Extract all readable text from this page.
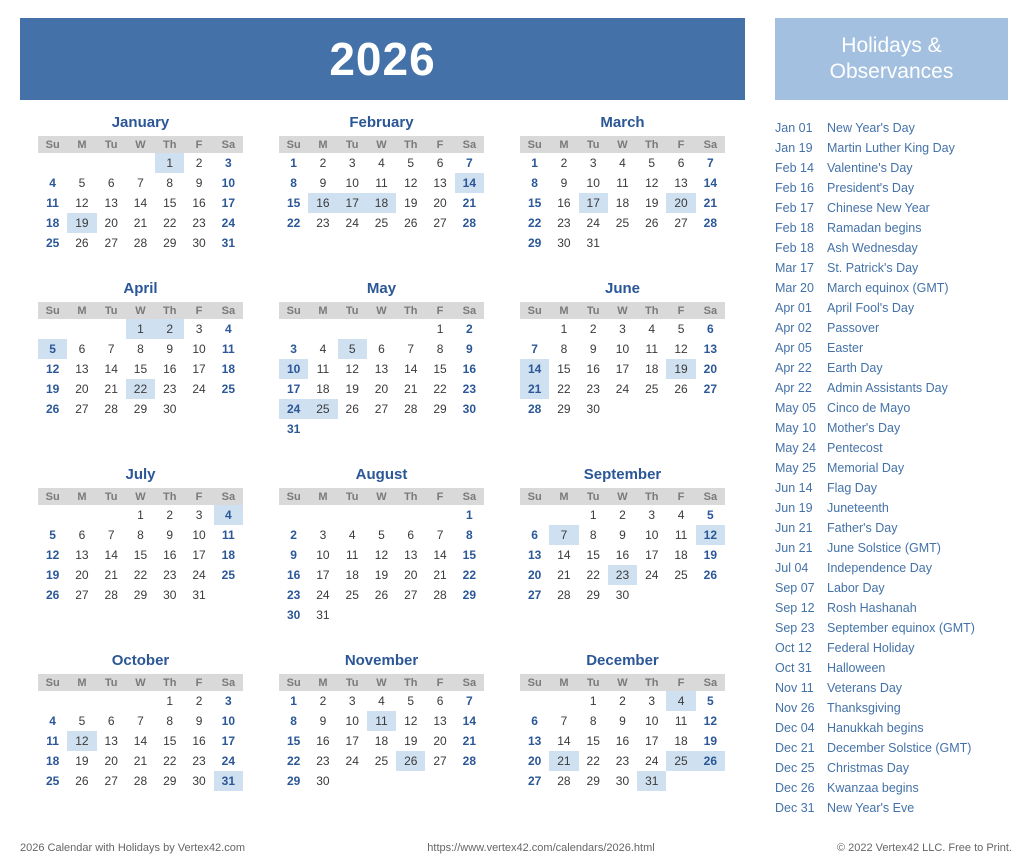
2026	Holidays &
Observances
January
Su	M	Tu	W	Th	F	Sa
				1	2	3
4	5	6	7	8	9	10
11	12	13	14	15	16	17
18	19	20	21	22	23	24
25	26	27	28	29	30	31
February
Su	M	Tu	W	Th	F	Sa
1	2	3	4	5	6	7
8	9	10	11	12	13	14
15	16	17	18	19	20	21
22	23	24	25	26	27	28
March
Su	M	Tu	W	Th	F	Sa
1	2	3	4	5	6	7
8	9	10	11	12	13	14
15	16	17	18	19	20	21
22	23	24	25	26	27	28
29	30	31				
April
Su	M	Tu	W	Th	F	Sa
			1	2	3	4
5	6	7	8	9	10	11
12	13	14	15	16	17	18
19	20	21	22	23	24	25
26	27	28	29	30		
May
Su	M	Tu	W	Th	F	Sa
					1	2
3	4	5	6	7	8	9
10	11	12	13	14	15	16
17	18	19	20	21	22	23
24	25	26	27	28	29	30
31						
June
Su	M	Tu	W	Th	F	Sa
	1	2	3	4	5	6
7	8	9	10	11	12	13
14	15	16	17	18	19	20
21	22	23	24	25	26	27
28	29	30				
July
Su	M	Tu	W	Th	F	Sa
			1	2	3	4
5	6	7	8	9	10	11
12	13	14	15	16	17	18
19	20	21	22	23	24	25
26	27	28	29	30	31	
August
Su	M	Tu	W	Th	F	Sa
						1
2	3	4	5	6	7	8
9	10	11	12	13	14	15
16	17	18	19	20	21	22
23	24	25	26	27	28	29
30	31					
September
Su	M	Tu	W	Th	F	Sa
		1	2	3	4	5
6	7	8	9	10	11	12
13	14	15	16	17	18	19
20	21	22	23	24	25	26
27	28	29	30			
October
Su	M	Tu	W	Th	F	Sa
				1	2	3
4	5	6	7	8	9	10
11	12	13	14	15	16	17
18	19	20	21	22	23	24
25	26	27	28	29	30	31
November
Su	M	Tu	W	Th	F	Sa
1	2	3	4	5	6	7
8	9	10	11	12	13	14
15	16	17	18	19	20	21
22	23	24	25	26	27	28
29	30					
December
Su	M	Tu	W	Th	F	Sa
		1	2	3	4	5
6	7	8	9	10	11	12
13	14	15	16	17	18	19
20	21	22	23	24	25	26
27	28	29	30	31		
Jan 01	New Year's Day
Jan 19	Martin Luther King Day
Feb 14	Valentine's Day
Feb 16	President's Day
Feb 17	Chinese New Year
Feb 18	Ramadan begins
Feb 18	Ash Wednesday
Mar 17	St. Patrick's Day
Mar 20	March equinox (GMT)
Apr 01	April Fool's Day
Apr 02	Passover
Apr 05	Easter
Apr 22	Earth Day
Apr 22	Admin Assistants Day
May 05 Cinco de Mayo
May 10 Mother's Day
May 24 Pentecost
May 25 Memorial Day
Jun 14	Flag Day
Jun 19	Juneteenth
Jun 21	Father's Day
Jun 21	June Solstice (GMT)
Jul 04	Independence Day
Sep 07 Labor Day
Sep 12 Rosh Hashanah
Sep 23 September equinox (GMT)
Oct 12	Federal Holiday
Oct 31	Halloween
Nov 11	Veterans Day
Nov 26 Thanksgiving
Dec 04 Hanukkah begins
Dec 21 December Solstice (GMT)
Dec 25 Christmas Day
Dec 26 Kwanzaa begins
Dec 31 New Year's Eve
2026 Calendar with Holidays by Vertex42.com	https://www.vertex42.com/calendars/2026.html	© 2022 Vertex42 LLC. Free to Print.
